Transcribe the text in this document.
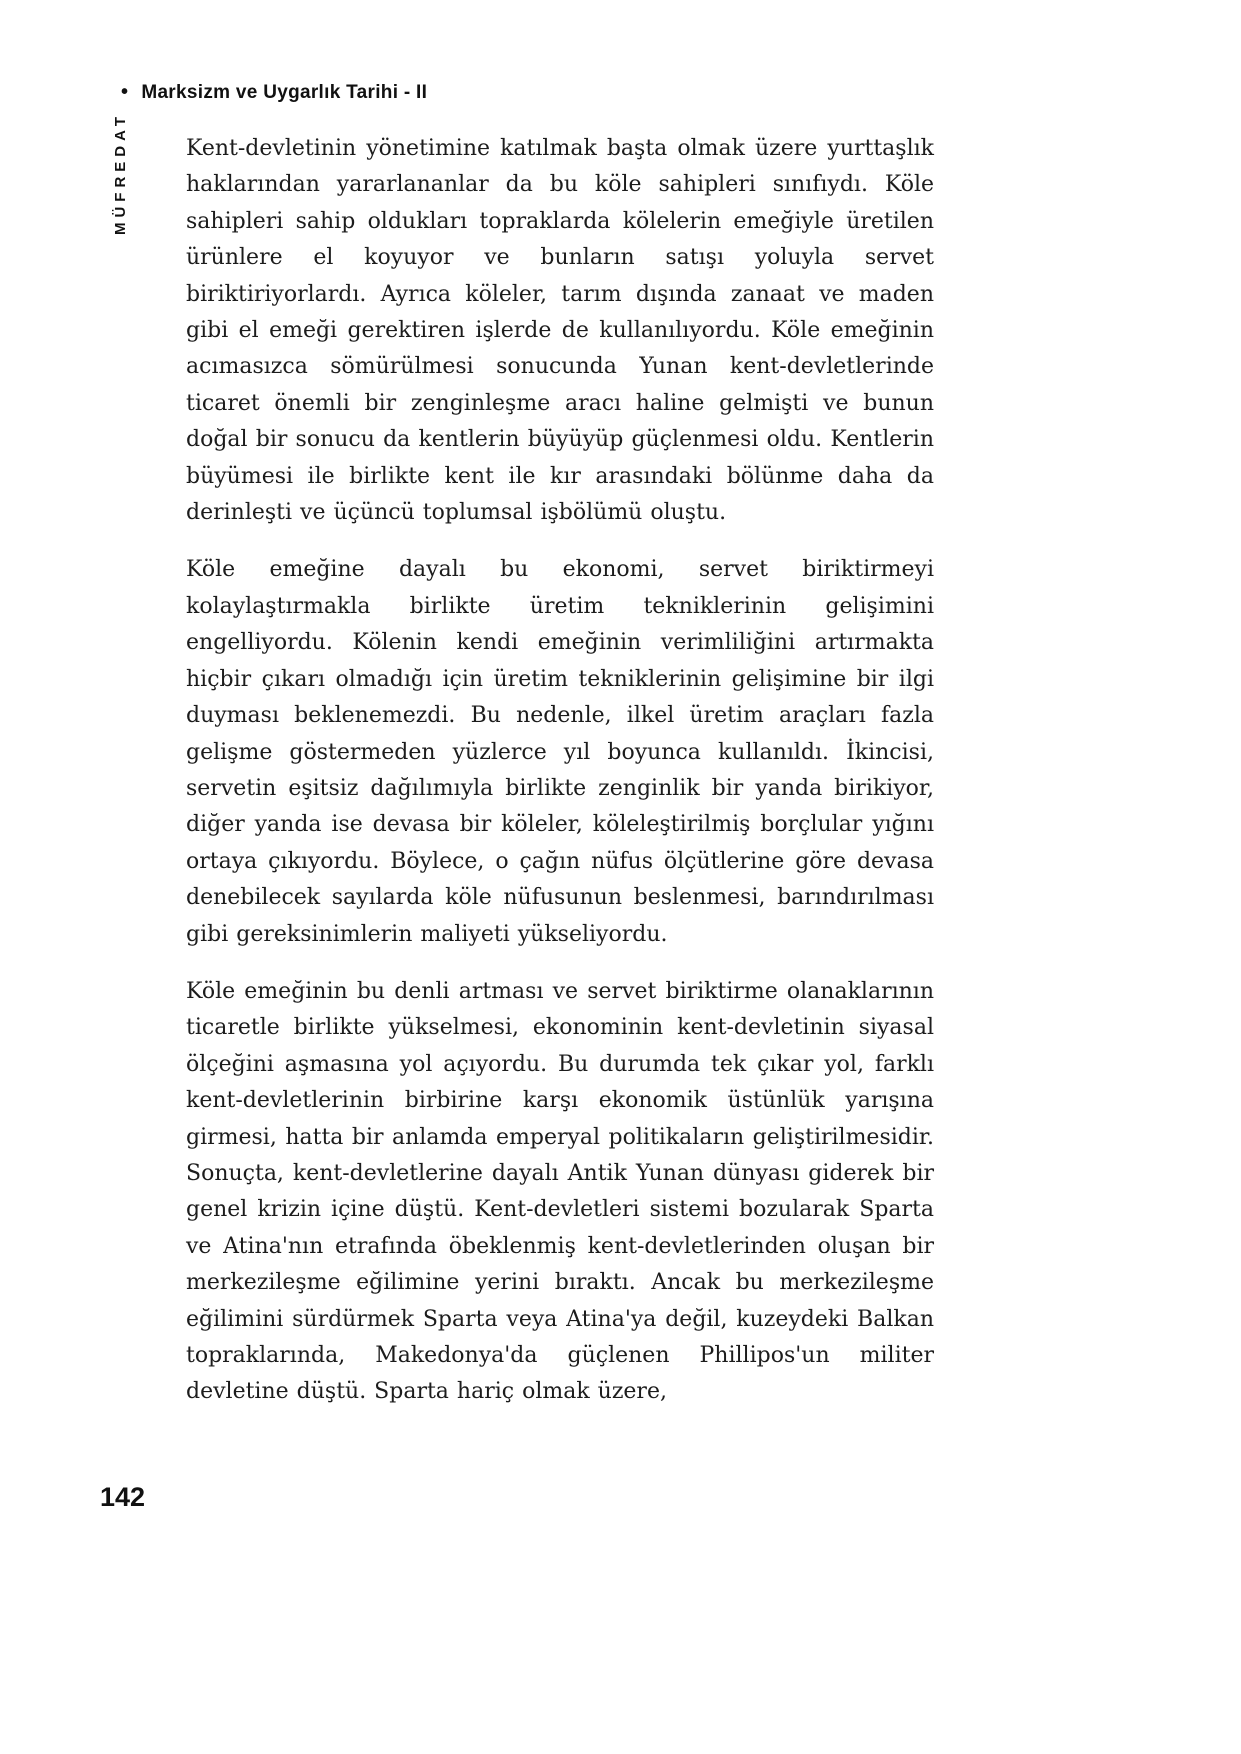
• Marksizm ve Uygarlık Tarihi - II
MÜFREDAT	Kent-devletinin yönetimine katılmak başta olmak üzere yurttaşlık haklarından yararlananlar da bu köle sahipleri sınıfıydı. Köle sahipleri sahip oldukları topraklarda kölelerin emeğiyle üretilen ürünlere el koyuyor ve bunların satışı yoluyla servet biriktiriyorlardı. Ayrıca köleler, tarım dışında zanaat ve maden gibi el emeği gerektiren işlerde de kullanılıyordu. Köle emeğinin acımasızca sömürülmesi sonucunda Yunan kent-devletlerinde ticaret önemli bir zenginleşme aracı haline gelmişti ve bunun doğal bir sonucu da kentlerin büyüyüp güçlenmesi oldu. Kentlerin büyümesi ile birlikte kent ile kır arasındaki bölünme daha da derinleşti ve üçüncü toplumsal işbölümü oluştu.

Köle emeğine dayalı bu ekonomi, servet biriktirmeyi kolaylaştırmakla birlikte üretim tekniklerinin gelişimini engelliyordu. Kölenin kendi emeğinin verimliliğini artırmakta hiçbir çıkarı olmadığı için üretim tekniklerinin gelişimine bir ilgi duyması beklenemezdi. Bu nedenle, ilkel üretim araçları fazla gelişme göstermeden yüzlerce yıl boyunca kullanıldı. İkincisi, servetin eşitsiz dağılımıyla birlikte zenginlik bir yanda birikiyor, diğer yanda ise devasa bir köleler, köleleştirilmiş borçlular yığını ortaya çıkıyordu. Böylece, o çağın nüfus ölçütlerine göre devasa denebilecek sayılarda köle nüfusunun beslenmesi, barındırılması gibi gereksinimlerin maliyeti yükseliyordu.

Köle emeğinin bu denli artması ve servet biriktirme olanaklarının ticaretle birlikte yükselmesi, ekonominin kent-devletinin siyasal ölçeğini aşmasına yol açıyordu. Bu durumda tek çıkar yol, farklı kent-devletlerinin birbirine karşı ekonomik üstünlük yarışına girmesi, hatta bir anlamda emperyal politikaların geliştirilmesidir. Sonuçta, kent-devletlerine dayalı Antik Yunan dünyası giderek bir genel krizin içine düştü. Kent-devletleri sistemi bozularak Sparta ve Atina'nın etrafında öbeklenmiş kent-devletlerinden oluşan bir merkezileşme eğilimine yerini bıraktı. Ancak bu merkezileşme eğilimini sürdürmek Sparta veya Atina'ya değil, kuzeydeki Balkan topraklarında, Makedonya'da güçlenen Phillipos'un militer devletine düştü. Sparta hariç olmak üzere,

142
